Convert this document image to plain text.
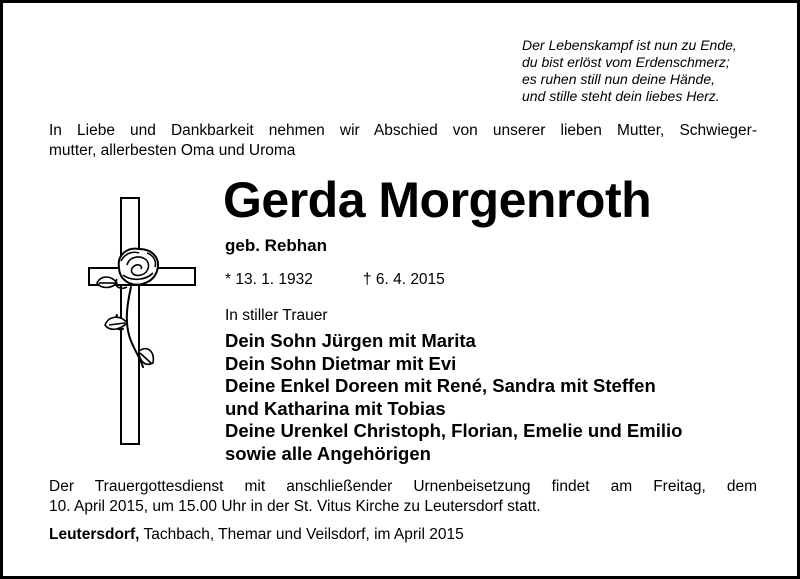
Der Lebenskampf ist nun zu Ende,
du bist erlöst vom Erdenschmerz;
es ruhen still nun deine Hände,
und stille steht dein liebes Herz.
In Liebe und Dankbarkeit nehmen wir Abschied von unserer lieben Mutter, Schwieger-
mutter, allerbesten Oma und Uroma
Gerda Morgenroth
geb. Rebhan
* 13. 1. 1932	† 6. 4. 2015
In stiller Trauer
Dein Sohn Jürgen mit Marita
Dein Sohn Dietmar mit Evi
Deine Enkel Doreen mit René, Sandra mit Steffen
und Katharina mit Tobias
Deine Urenkel Christoph, Florian, Emelie und Emilio
sowie alle Angehörigen
Der Trauergottesdienst mit anschließender Urnenbeisetzung findet am Freitag, dem
10. April 2015, um 15.00 Uhr in der St. Vitus Kirche zu Leutersdorf statt.
Leutersdorf, Tachbach, Themar und Veilsdorf, im April 2015
